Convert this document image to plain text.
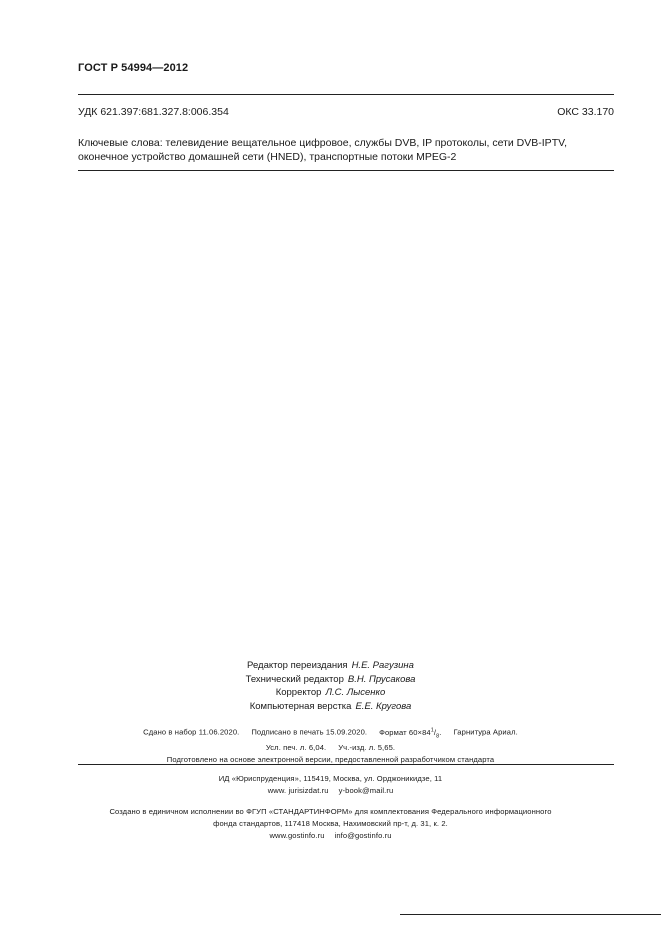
ГОСТ Р 54994—2012
УДК 621.397:681.327.8:006.354	ОКС 33.170
Ключевые слова: телевидение вещательное цифровое, службы DVB, IP протоколы, сети DVB-IPTV,
оконечное устройство домашней сети (HNED), транспортные потоки MPEG-2
Редактор переиздания Н.Е. Рагузина
Технический редактор В.Н. Прусакова
Корректор Л.С. Лысенко
Компьютерная верстка Е.Е. Кругова
Сдано в набор 11.06.2020. Подписано в печать 15.09.2020. Формат $60\times 84^1/_8$. Гарнитура Ариал.
Усл. печ. л. 6,04. Уч.-изд. л. 5,65.
Подготовлено на основе электронной версии, предоставленной разработчиком стандарта
ИД «Юриспруденция», 115419, Москва, ул. Орджоникидзе, 11
www. jurisizdat.ru y-book@mail.ru
Создано в единичном исполнении во ФГУП «СТАНДАРТИНФОРМ» для комплектования Федерального информационного
фонда стандартов, 117418 Москва, Нахимовский пр-т, д. 31, к. 2.
www.gostinfo.ru info@gostinfo.ru
